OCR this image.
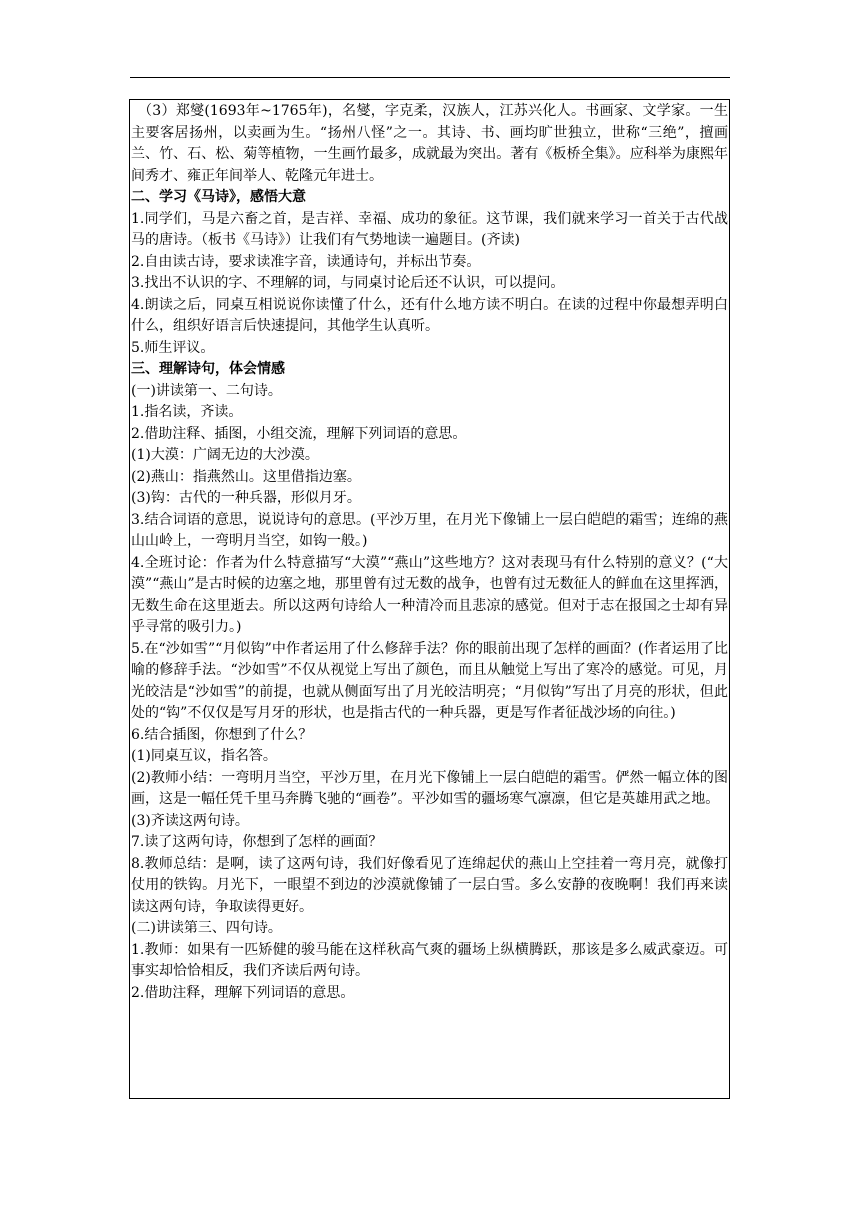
（3）郑燮(1693年~1765年)，名燮，字克柔，汉族人，江苏兴化人。书画家、文学家。一生主要客居扬州，以卖画为生。“扬州八怪”之一。其诗、书、画均旷世独立，世称“三绝”，擅画兰、竹、石、松、菊等植物，一生画竹最多，成就最为突出。著有《板桥全集》。应科举为康熙年间秀才、雍正年间举人、乾隆元年进士。

二、学习《马诗》，感悟大意

1.同学们，马是六畜之首，是吉祥、幸福、成功的象征。这节课，我们就来学习一首关于古代战马的唐诗。（板书《马诗》）让我们有气势地读一遍题目。(齐读)

2.自由读古诗，要求读准字音，读通诗句，并标出节奏。

3.找出不认识的字、不理解的词，与同桌讨论后还不认识，可以提问。

4.朗读之后，同桌互相说说你读懂了什么，还有什么地方读不明白。在读的过程中你最想弄明白什么，组织好语言后快速提问，其他学生认真听。

5.师生评议。

三、理解诗句，体会情感

(一)讲读第一、二句诗。

1.指名读，齐读。

2.借助注释、插图，小组交流，理解下列词语的意思。

(1)大漠：广阔无边的大沙漠。

(2)燕山：指燕然山。这里借指边塞。

(3)钩：古代的一种兵器，形似月牙。

3.结合词语的意思，说说诗句的意思。(平沙万里，在月光下像铺上一层白皑皑的霜雪；连绵的燕山山岭上，一弯明月当空，如钩一般。)

4.全班讨论：作者为什么特意描写“大漠”“燕山”这些地方？这对表现马有什么特别的意义？(“大漠”“燕山”是古时候的边塞之地，那里曾有过无数的战争，也曾有过无数征人的鲜血在这里挥洒，无数生命在这里逝去。所以这两句诗给人一种清冷而且悲凉的感觉。但对于志在报国之士却有异乎寻常的吸引力。)

5.在“沙如雪”“月似钩”中作者运用了什么修辞手法？你的眼前出现了怎样的画面？(作者运用了比喻的修辞手法。“沙如雪”不仅从视觉上写出了颜色，而且从触觉上写出了寒冷的感觉。可见，月光皎洁是“沙如雪”的前提，也就从侧面写出了月光皎洁明亮；“月似钩”写出了月亮的形状，但此处的“钩”不仅仅是写月牙的形状，也是指古代的一种兵器，更是写作者征战沙场的向往。)

6.结合插图，你想到了什么？

(1)同桌互议，指名答。

(2)教师小结：一弯明月当空，平沙万里，在月光下像铺上一层白皑皑的霜雪。俨然一幅立体的图画，这是一幅任凭千里马奔腾飞驰的“画卷”。平沙如雪的疆场寒气凛凛，但它是英雄用武之地。

(3)齐读这两句诗。

7.读了这两句诗，你想到了怎样的画面？

8.教师总结：是啊，读了这两句诗，我们好像看见了连绵起伏的燕山上空挂着一弯月亮，就像打仗用的铁钩。月光下，一眼望不到边的沙漠就像铺了一层白雪。多么安静的夜晚啊！我们再来读读这两句诗，争取读得更好。

(二)讲读第三、四句诗。

1.教师：如果有一匹矫健的骏马能在这样秋高气爽的疆场上纵横腾跃，那该是多么威武豪迈。可事实却恰恰相反，我们齐读后两句诗。

2.借助注释，理解下列词语的意思。
